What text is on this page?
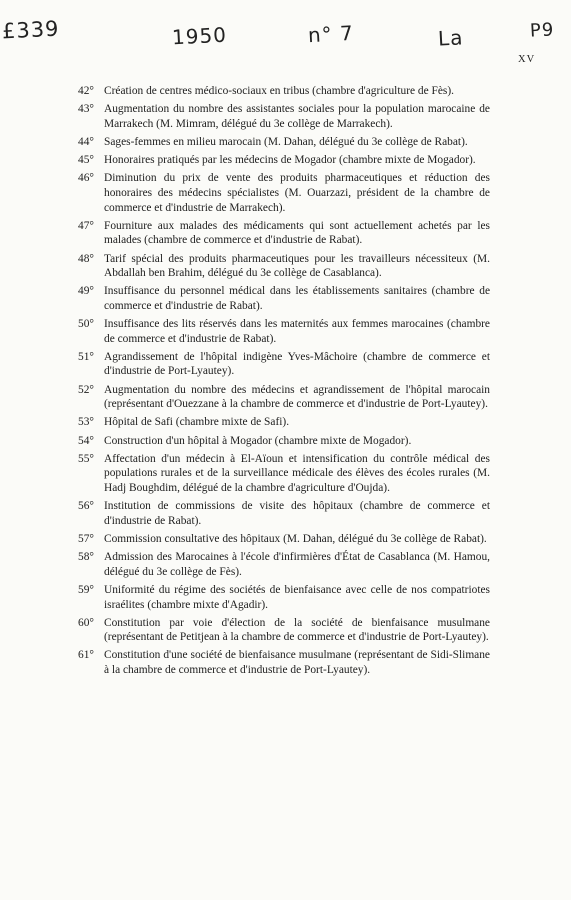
£339	1950	n° 7	La	P9
XV
42° Création de centres médico-sociaux en tribus (chambre d'agriculture de Fès).
43° Augmentation du nombre des assistantes sociales pour la population marocaine de Marrakech (M. Mimram, délégué du 3e collège de Marrakech).
44° Sages-femmes en milieu marocain (M. Dahan, délégué du 3e collège de Rabat).
45° Honoraires pratiqués par les médecins de Mogador (chambre mixte de Mogador).
46° Diminution du prix de vente des produits pharmaceutiques et réduction des honoraires des médecins spécialistes (M. Ouarzazi, président de la chambre de commerce et d'industrie de Marrakech).
47° Fourniture aux malades des médicaments qui sont actuellement achetés par les malades (chambre de commerce et d'industrie de Rabat).
48° Tarif spécial des produits pharmaceutiques pour les travailleurs nécessiteux (M. Abdallah ben Brahim, délégué du 3e collège de Casablanca).
49° Insuffisance du personnel médical dans les établissements sanitaires (chambre de commerce et d'industrie de Rabat).
50° Insuffisance des lits réservés dans les maternités aux femmes marocaines (chambre de commerce et d'industrie de Rabat).
51° Agrandissement de l'hôpital indigène Yves-Mâchoire (chambre de commerce et d'industrie de Port-Lyautey).
52° Augmentation du nombre des médecins et agrandissement de l'hôpital marocain (représentant d'Ouezzane à la chambre de commerce et d'industrie de Port-Lyautey).
53° Hôpital de Safi (chambre mixte de Safi).
54° Construction d'un hôpital à Mogador (chambre mixte de Mogador).
55° Affectation d'un médecin à El-Aïoun et intensification du contrôle médical des populations rurales et de la surveillance médicale des élèves des écoles rurales (M. Hadj Boughdim, délégué de la chambre d'agriculture d'Oujda).
56° Institution de commissions de visite des hôpitaux (chambre de commerce et d'industrie de Rabat).
57° Commission consultative des hôpitaux (M. Dahan, délégué du 3e collège de Rabat).
58° Admission des Marocaines à l'école d'infirmières d'État de Casablanca (M. Hamou, délégué du 3e collège de Fès).
59° Uniformité du régime des sociétés de bienfaisance avec celle de nos compatriotes israélites (chambre mixte d'Agadir).
60° Constitution par voie d'élection de la société de bienfaisance musulmane (représentant de Petitjean à la chambre de commerce et d'industrie de Port-Lyautey).
61° Constitution d'une société de bienfaisance musulmane (représentant de Sidi-Slimane à la chambre de commerce et d'industrie de Port-Lyautey).
